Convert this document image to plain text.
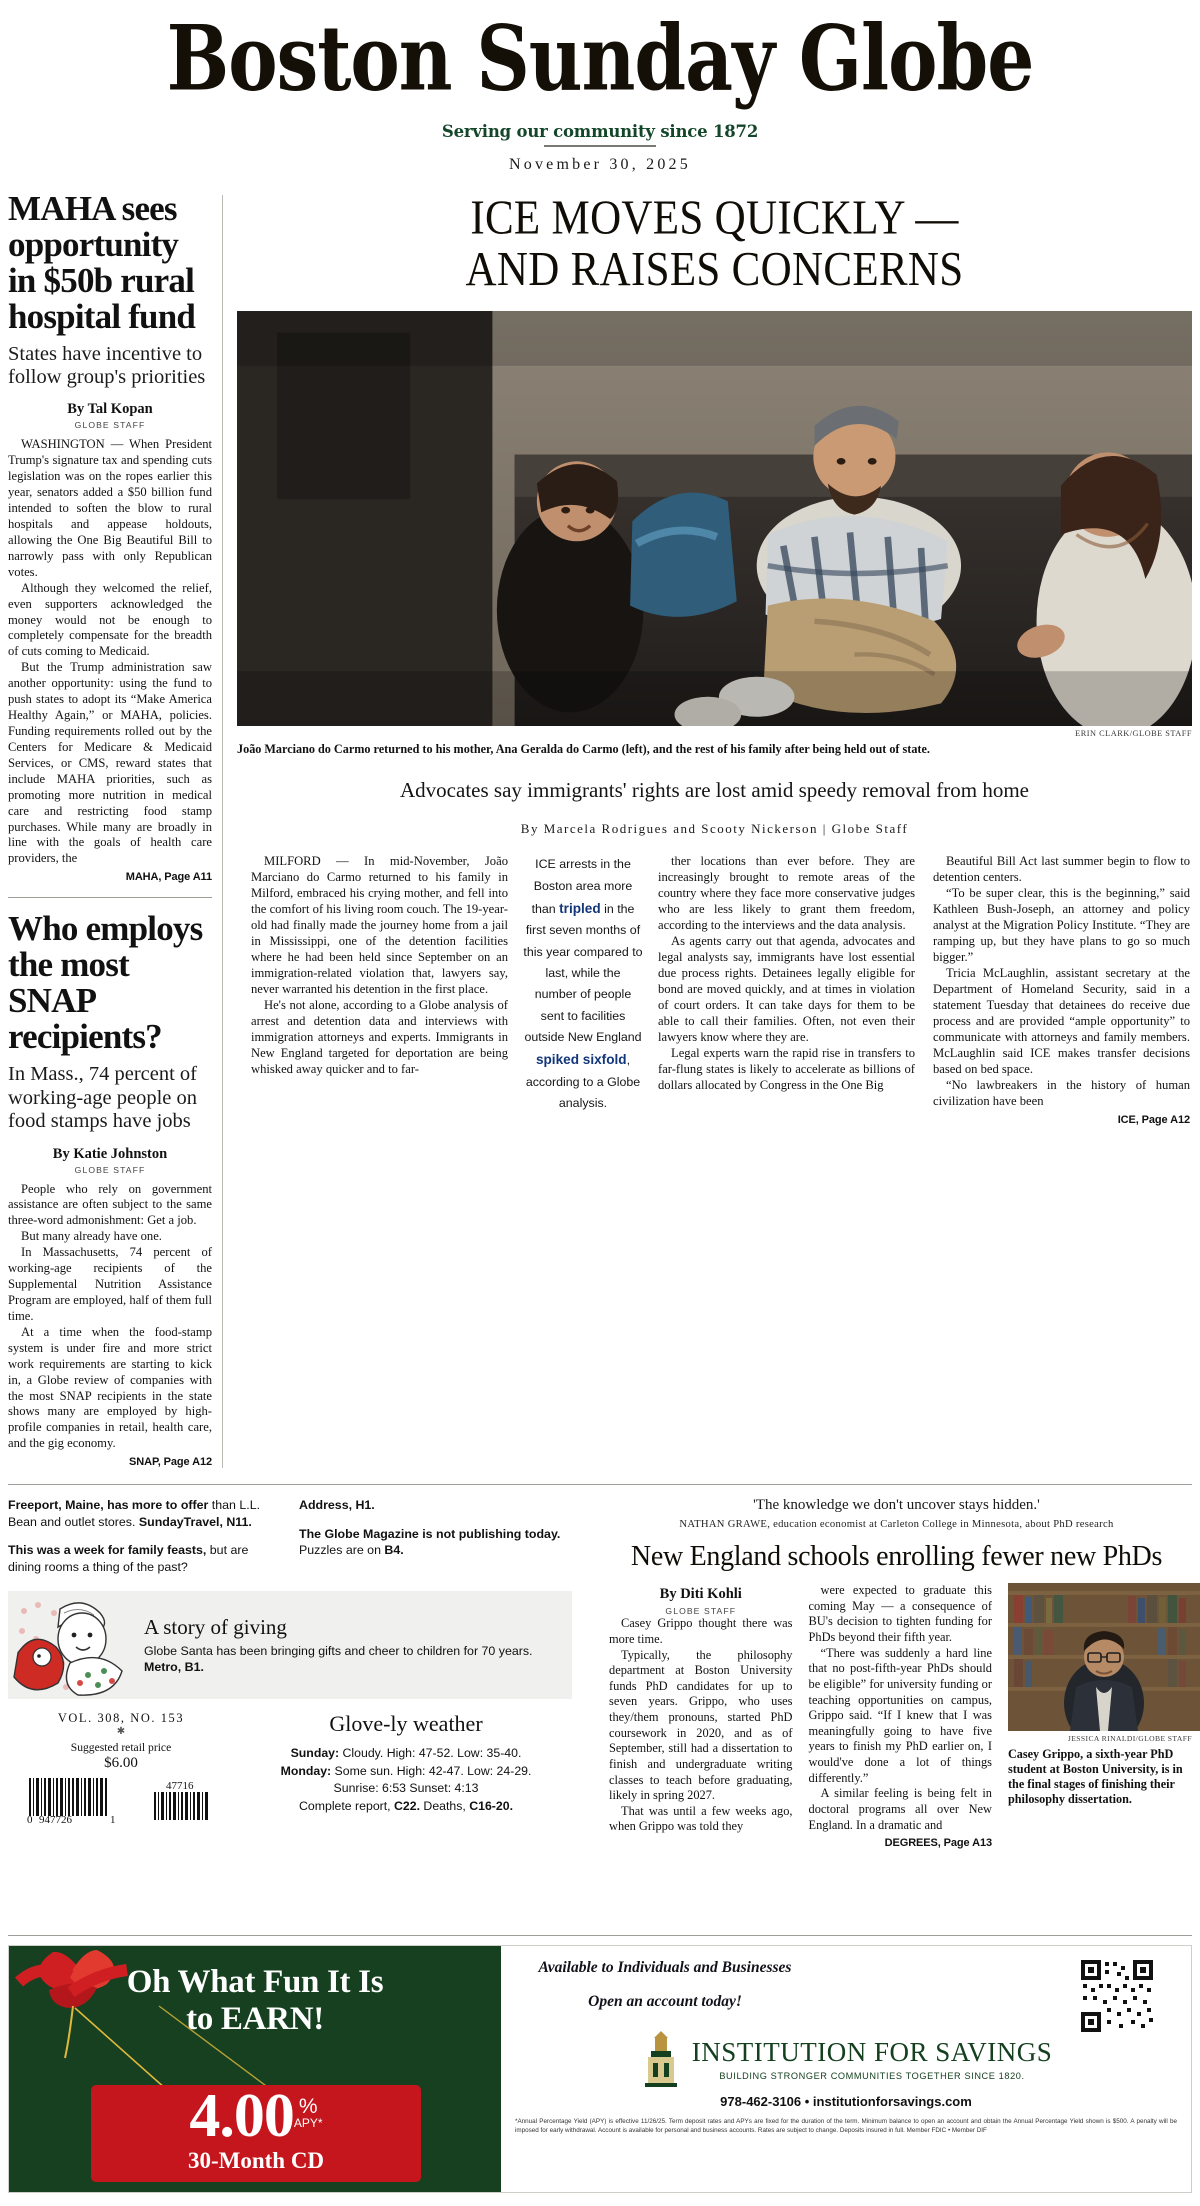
Boston Sunday Globe
Serving our community since 1872
November 30, 2025
MAHA sees opportunity in $50b rural hospital fund
States have incentive to follow group's priorities
By Tal Kopan
GLOBE STAFF

WASHINGTON — When President Trump's signature tax and spending cuts legislation was on the ropes earlier this year, senators added a $50 billion fund intended to soften the blow to rural hospitals and appease holdouts, allowing the One Big Beautiful Bill to narrowly pass with only Republican votes.

Although they welcomed the relief, even supporters acknowledged the money would not be enough to completely compensate for the breadth of cuts coming to Medicaid.

But the Trump administration saw another opportunity: using the fund to push states to adopt its “Make America Healthy Again,” or MAHA, policies. Funding requirements rolled out by the Centers for Medicare & Medicaid Services, or CMS, reward states that include MAHA priorities, such as promoting more nutrition in medical care and restricting food stamp purchases. While many are broadly in line with the goals of health care providers, the

MAHA, Page A11
Who employs the most SNAP recipients?
In Mass., 74 percent of working-age people on food stamps have jobs
By Katie Johnston
GLOBE STAFF

People who rely on government assistance are often subject to the same three-word admonishment: Get a job.

But many already have one.

In Massachusetts, 74 percent of working-age recipients of the Supplemental Nutrition Assistance Program are employed, half of them full time.

At a time when the food-stamp system is under fire and more strict work requirements are starting to kick in, a Globe review of companies with the most SNAP recipients in the state shows many are employed by high-profile companies in retail, health care, and the gig economy.

SNAP, Page A12
ICE MOVES QUICKLY —
AND RAISES CONCERNS
ERIN CLARK/GLOBE STAFF
João Marciano do Carmo returned to his mother, Ana Geralda do Carmo (left), and the rest of his family after being held out of state.
Advocates say immigrants' rights are lost amid speedy removal from home
By Marcela Rodrigues and Scooty Nickerson | Globe Staff

MILFORD — In mid-November, João Marciano do Carmo returned to his family in Milford, embraced his crying mother, and fell into the comfort of his living room couch. The 19-year-old had finally made the journey home from a jail in Mississippi, one of the detention facilities where he had been held since September on an immigration-related violation that, lawyers say, never warranted his detention in the first place.

He's not alone, according to a Globe analysis of arrest and detention data and interviews with immigration attorneys and experts. Immigrants in New England targeted for deportation are being whisked away quicker and to far-

ICE arrests in the Boston area more than tripled in the first seven months of this year compared to last, while the number of people sent to facilities outside New England spiked sixfold, according to a Globe analysis.

ther locations than ever before. They are increasingly brought to remote areas of the country where they face more conservative judges who are less likely to grant them freedom, according to the interviews and the data analysis.

As agents carry out that agenda, advocates and legal analysts say, immigrants have lost essential due process rights. Detainees legally eligible for bond are moved quickly, and at times in violation of court orders. It can take days for them to be able to call their families. Often, not even their lawyers know where they are.

Legal experts warn the rapid rise in transfers to far-flung states is likely to accelerate as billions of dollars allocated by Congress in the One Big

Beautiful Bill Act last summer begin to flow to detention centers.

“To be super clear, this is the beginning,” said Kathleen Bush-Joseph, an attorney and policy analyst at the Migration Policy Institute. “They are ramping up, but they have plans to go so much bigger.”

Tricia McLaughlin, assistant secretary at the Department of Homeland Security, said in a statement Tuesday that detainees do receive due process and are provided “ample opportunity” to communicate with attorneys and family members. McLaughlin said ICE makes transfer decisions based on bed space.

“No lawbreakers in the history of human civilization have been

ICE, Page A12

Freeport, Maine, has more to offer than L.L. Bean and outlet stores. SundayTravel, N11.

This was a week for family feasts, but are dining rooms a thing of the past?

Address, H1.

The Globe Magazine is not publishing today. Puzzles are on B4.

A story of giving
Globe Santa has been bringing gifts and cheer to children for 70 years. Metro, B1.
VOL. 308, NO. 153
✱
Suggested retail price
$6.00
0 947726	1
47716
Glove-ly weather
Sunday: Cloudy. High: 47-52. Low: 35-40.
Monday: Some sun. High: 42-47. Low: 24-29.
Sunrise: 6:53 Sunset: 4:13
Complete report, C22. Deaths, C16-20.
'The knowledge we don't uncover stays hidden.'
NATHAN GRAWE, education economist at Carleton College in Minnesota, about PhD research
New England schools enrolling fewer new PhDs
By Diti Kohli
GLOBE STAFF

Casey Grippo thought there was more time.

Typically, the philosophy department at Boston University funds PhD candidates for up to seven years. Grippo, who uses they/them pronouns, started PhD coursework in 2020, and as of September, still had a dissertation to finish and undergraduate writing classes to teach before graduating, likely in spring 2027.

That was until a few weeks ago, when Grippo was told they

were expected to graduate this coming May — a consequence of BU's decision to tighten funding for PhDs beyond their fifth year.

“There was suddenly a hard line that no post-fifth-year PhDs should be eligible” for university funding or teaching opportunities on campus, Grippo said. “If I knew that I was meaningfully going to have five years to finish my PhD earlier on, I would've done a lot of things differently.”

A similar feeling is being felt in doctoral programs all over New England. In a dramatic and

DEGREES, Page A13
JESSICA RINALDI/GLOBE STAFF
Casey Grippo, a sixth-year PhD student at Boston University, is in the final stages of finishing their philosophy dissertation.
Oh What Fun It Is
to EARN!
4.00 %
APY*
30-Month CD
Available to Individuals and Businesses
Open an account today!
INSTITUTION FOR SAVINGS
BUILDING STRONGER COMMUNITIES TOGETHER SINCE 1820.
978-462-3106 • institutionforsavings.com
*Annual Percentage Yield (APY) is effective 11/26/25. Term deposit rates and APYs are fixed for the duration of the term. Minimum balance to open an account and obtain the Annual Percentage Yield shown is $500. A penalty will be imposed for early withdrawal. Account is available for personal and business accounts. Rates are subject to change. Deposits insured in full. Member FDIC • Member DIF
